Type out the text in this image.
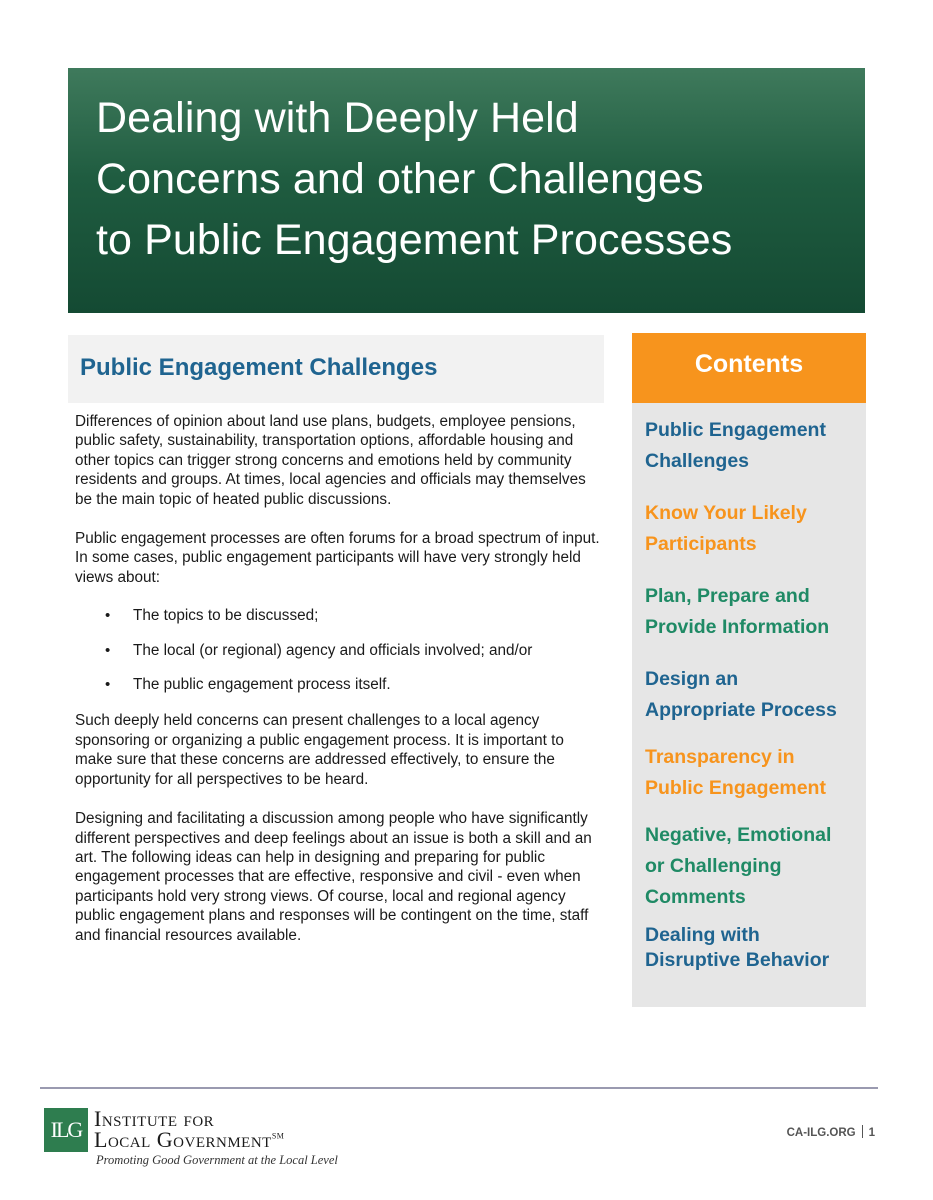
Dealing with Deeply Held
Concerns and other Challenges
to Public Engagement Processes
Public Engagement Challenges

Differences of opinion about land use plans, budgets, employee pensions, public safety, sustainability, transportation options, affordable housing and other topics can trigger strong concerns and emotions held by community residents and groups. At times, local agencies and officials may themselves be the main topic of heated public discussions.

Public engagement processes are often forums for a broad spectrum of input. In some cases, public engagement participants will have very strongly held views about:

• The topics to be discussed;
• The local (or regional) agency and officials involved; and/or
• The public engagement process itself.

Such deeply held concerns can present challenges to a local agency sponsoring or organizing a public engagement process. It is important to make sure that these concerns are addressed effectively, to ensure the opportunity for all perspectives to be heard.

Designing and facilitating a discussion among people who have significantly different perspectives and deep feelings about an issue is both a skill and an art. The following ideas can help in designing and preparing for public engagement processes that are effective, responsive and civil - even when participants hold very strong views. Of course, local and regional agency public engagement plans and responses will be contingent on the time, staff and financial resources available.

Contents
Public Engagement
Challenges
Know Your Likely
Participants
Plan, Prepare and
Provide Information
Design an
Appropriate Process
Transparency in
Public Engagement
Negative, Emotional
or Challenging
Comments
Dealing with
Disruptive Behavior
ILG Institute for
Local Government℠
Promoting Good Government at the Local Level
CA-ILG.ORG 1
